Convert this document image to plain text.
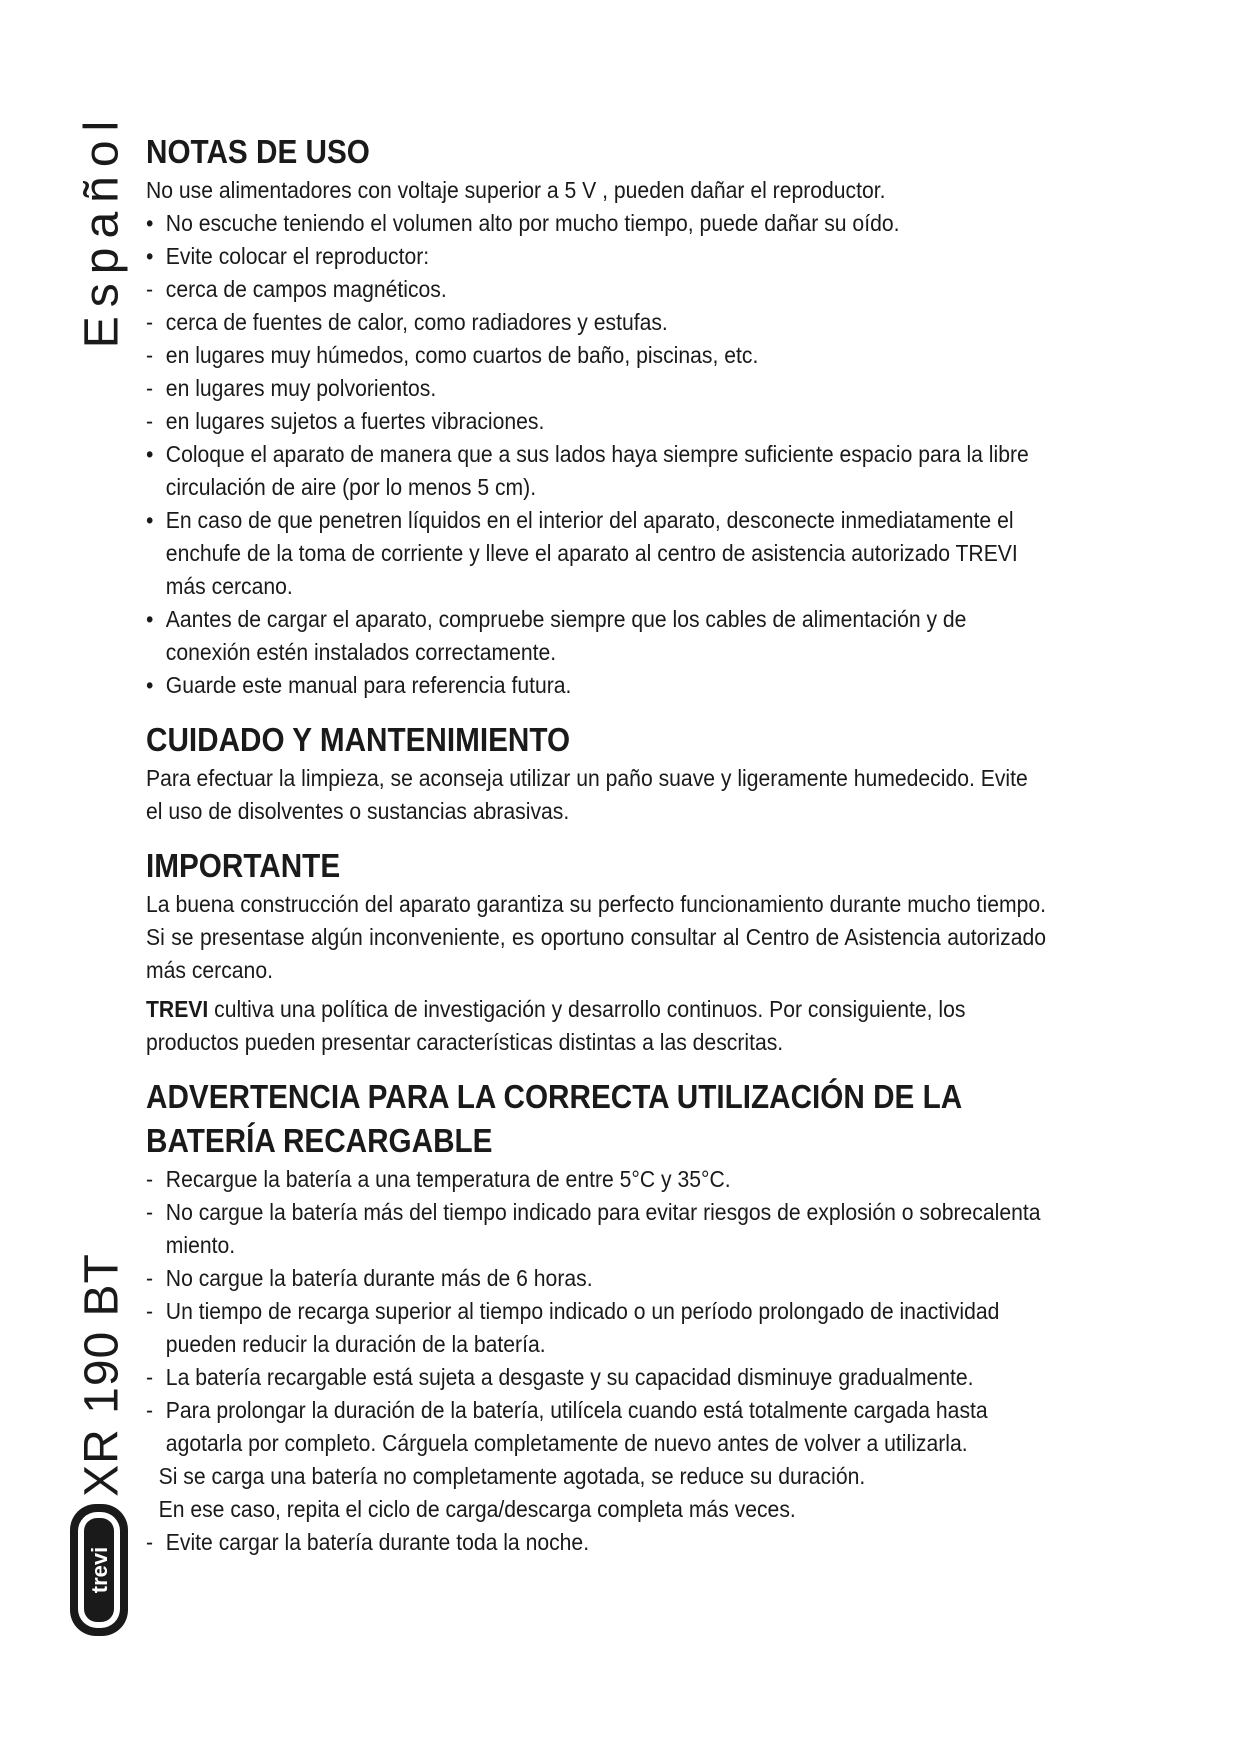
Español
XR 190 BT
trevi
NOTAS DE USO

No use alimentadores con voltaje superior a 5 V , pueden dañar el reproductor.

• No escuche teniendo el volumen alto por mucho tiempo, puede dañar su oído.
• Evite colocar el reproductor:
- cerca de campos magnéticos.
- cerca de fuentes de calor, como radiadores y estufas.
- en lugares muy húmedos, como cuartos de baño, piscinas, etc.
- en lugares muy polvorientos.
- en lugares sujetos a fuertes vibraciones.
• Coloque el aparato de manera que a sus lados haya siempre suficiente espacio para la libre circulación de aire (por lo menos 5 cm).
• En caso de que penetren líquidos en el interior del aparato, desconecte inmediatamente el enchufe de la toma de corriente y lleve el aparato al centro de asistencia autorizado TREVI más cercano.
• Aantes de cargar el aparato, compruebe siempre que los cables de alimentación y de conexión estén instalados correctamente.
• Guarde este manual para referencia futura.
CUIDADO Y MANTENIMIENTO

Para efectuar la limpieza, se aconseja utilizar un paño suave y ligeramente humedecido. Evite el uso de disolventes o sustancias abrasivas.

IMPORTANTE

La buena construcción del aparato garantiza su perfecto funcionamiento durante mucho tiempo. Si se presentase algún inconveniente, es oportuno consultar al Centro de Asistencia autorizado más cercano.

TREVI cultiva una política de investigación y desarrollo continuos. Por consiguiente, los productos pueden presentar características distintas a las descritas.

ADVERTENCIA PARA LA CORRECTA UTILIZACIÓN DE LA BATERÍA RECARGABLE
- Recargue la batería a una temperatura de entre 5°C y 35°C.
- No cargue la batería más del tiempo indicado para evitar riesgos de explosión o sobrecalenta miento.
- No cargue la batería durante más de 6 horas.
- Un tiempo de recarga superior al tiempo indicado o un período prolongado de inactividad pueden reducir la duración de la batería.
- La batería recargable está sujeta a desgaste y su capacidad disminuye gradualmente.
- Para prolongar la duración de la batería, utilícela cuando está totalmente cargada hasta agotarla por completo. Cárguela completamente de nuevo antes de volver a utilizarla.

Si se carga una batería no completamente agotada, se reduce su duración.

En ese caso, repita el ciclo de carga/descarga completa más veces.

- Evite cargar la batería durante toda la noche.
